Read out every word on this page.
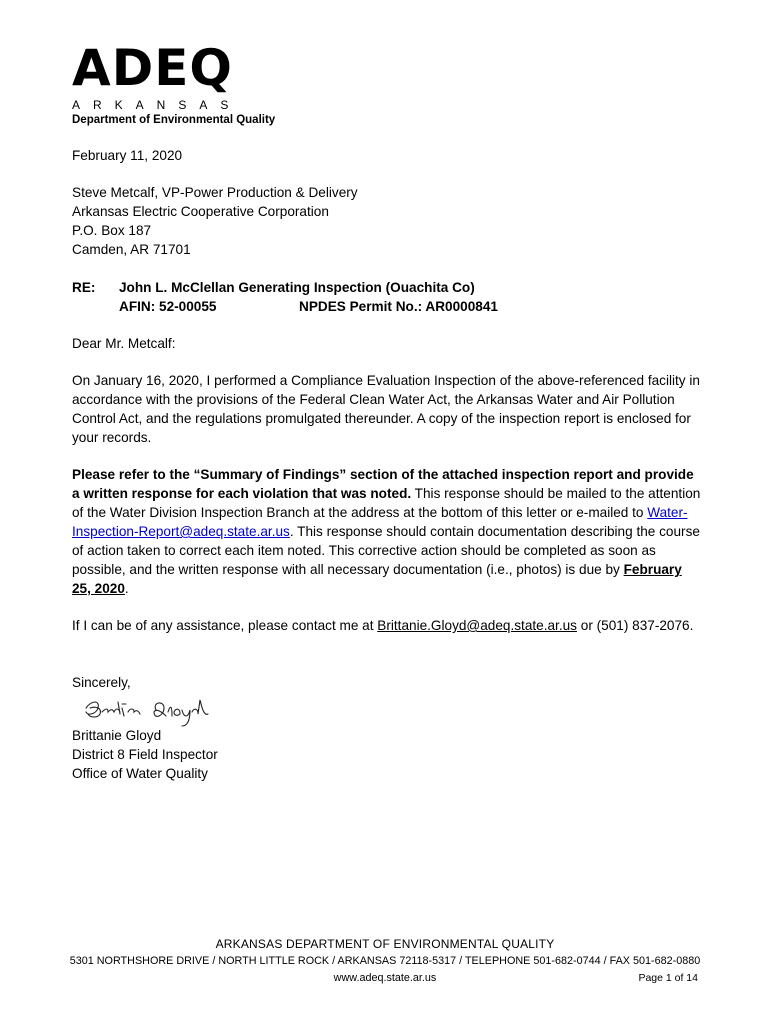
ADEQ
ARKANSAS
Department of Environmental Quality
February 11, 2020
Steve Metcalf, VP-Power Production & Delivery
Arkansas Electric Cooperative Corporation
P.O. Box 187
Camden, AR 71701
RE: John L. McClellan Generating Inspection (Ouachita Co)
AFIN: 52-00055	NPDES Permit No.: AR0000841
Dear Mr. Metcalf:

On January 16, 2020, I performed a Compliance Evaluation Inspection of the above-referenced facility in accordance with the provisions of the Federal Clean Water Act, the Arkansas Water and Air Pollution Control Act, and the regulations promulgated thereunder. A copy of the inspection report is enclosed for your records.

Please refer to the “Summary of Findings” section of the attached inspection report and provide a written response for each violation that was noted. This response should be mailed to the attention of the Water Division Inspection Branch at the address at the bottom of this letter or e-mailed to Water-Inspection-Report@adeq.state.ar.us. This response should contain documentation describing the course of action taken to correct each item noted. This corrective action should be completed as soon as possible, and the written response with all necessary documentation (i.e., photos) is due by February 25, 2020.

If I can be of any assistance, please contact me at Brittanie.Gloyd@adeq.state.ar.us or (501) 837-2076.

Sincerely,
Brittanie Gloyd
District 8 Field Inspector
Office of Water Quality
ARKANSAS DEPARTMENT OF ENVIRONMENTAL QUALITY
5301 NORTHSHORE DRIVE / NORTH LITTLE ROCK / ARKANSAS 72118-5317 / TELEPHONE 501-682-0744 / FAX 501-682-0880
www.adeq.state.ar.us	Page 1 of 14
